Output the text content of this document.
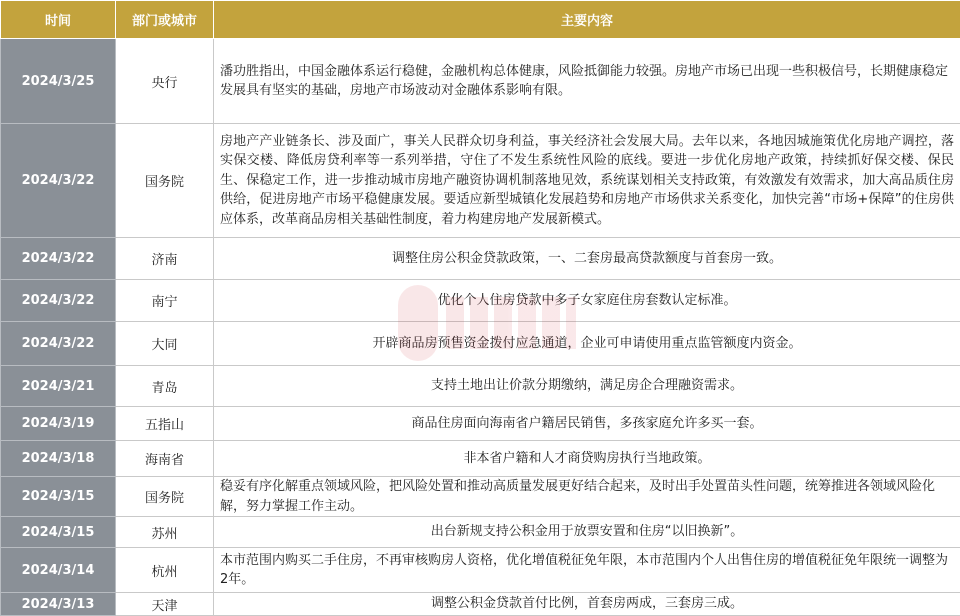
时间	部门或城市	主要内容
2024/3/25	央行	潘功胜指出，中国金融体系运行稳健，金融机构总体健康，风险抵御能力较强。房地产市场已出现一些积极信号，长期健康稳定发展具有坚实的基础，房地产市场波动对金融体系影响有限。
2024/3/22	国务院	房地产产业链条长、涉及面广，事关人民群众切身利益，事关经济社会发展大局。去年以来，各地因城施策优化房地产调控，落实保交楼、降低房贷利率等一系列举措，守住了不发生系统性风险的底线。要进一步优化房地产政策，持续抓好保交楼、保民生、保稳定工作，进一步推动城市房地产融资协调机制落地见效，系统谋划相关支持政策，有效激发有效需求，加大高品质住房供给，促进房地产市场平稳健康发展。要适应新型城镇化发展趋势和房地产市场供求关系变化，加快完善“市场+保障”的住房供应体系，改革商品房相关基础性制度，着力构建房地产发展新模式。
2024/3/22	济南	调整住房公积金贷款政策，一、二套房最高贷款额度与首套房一致。
2024/3/22	南宁	优化个人住房贷款中多子女家庭住房套数认定标准。
2024/3/22	大同	开辟商品房预售资金拨付应急通道，企业可申请使用重点监管额度内资金。
2024/3/21	青岛	支持土地出让价款分期缴纳，满足房企合理融资需求。
2024/3/19	五指山	商品住房面向海南省户籍居民销售，多孩家庭允许多买一套。
2024/3/18	海南省	非本省户籍和人才商贷购房执行当地政策。
2024/3/15	国务院	稳妥有序化解重点领域风险，把风险处置和推动高质量发展更好结合起来，及时出手处置苗头性问题，统筹推进各领域风险化解，努力掌握工作主动。
2024/3/15	苏州	出台新规支持公积金用于放票安置和住房“以旧换新”。
2024/3/14	杭州	本市范围内购买二手住房，不再审核购房人资格，优化增值税征免年限，本市范围内个人出售住房的增值税征免年限统一调整为2年。
2024/3/13	天津	调整公积金贷款首付比例，首套房两成，三套房三成。
